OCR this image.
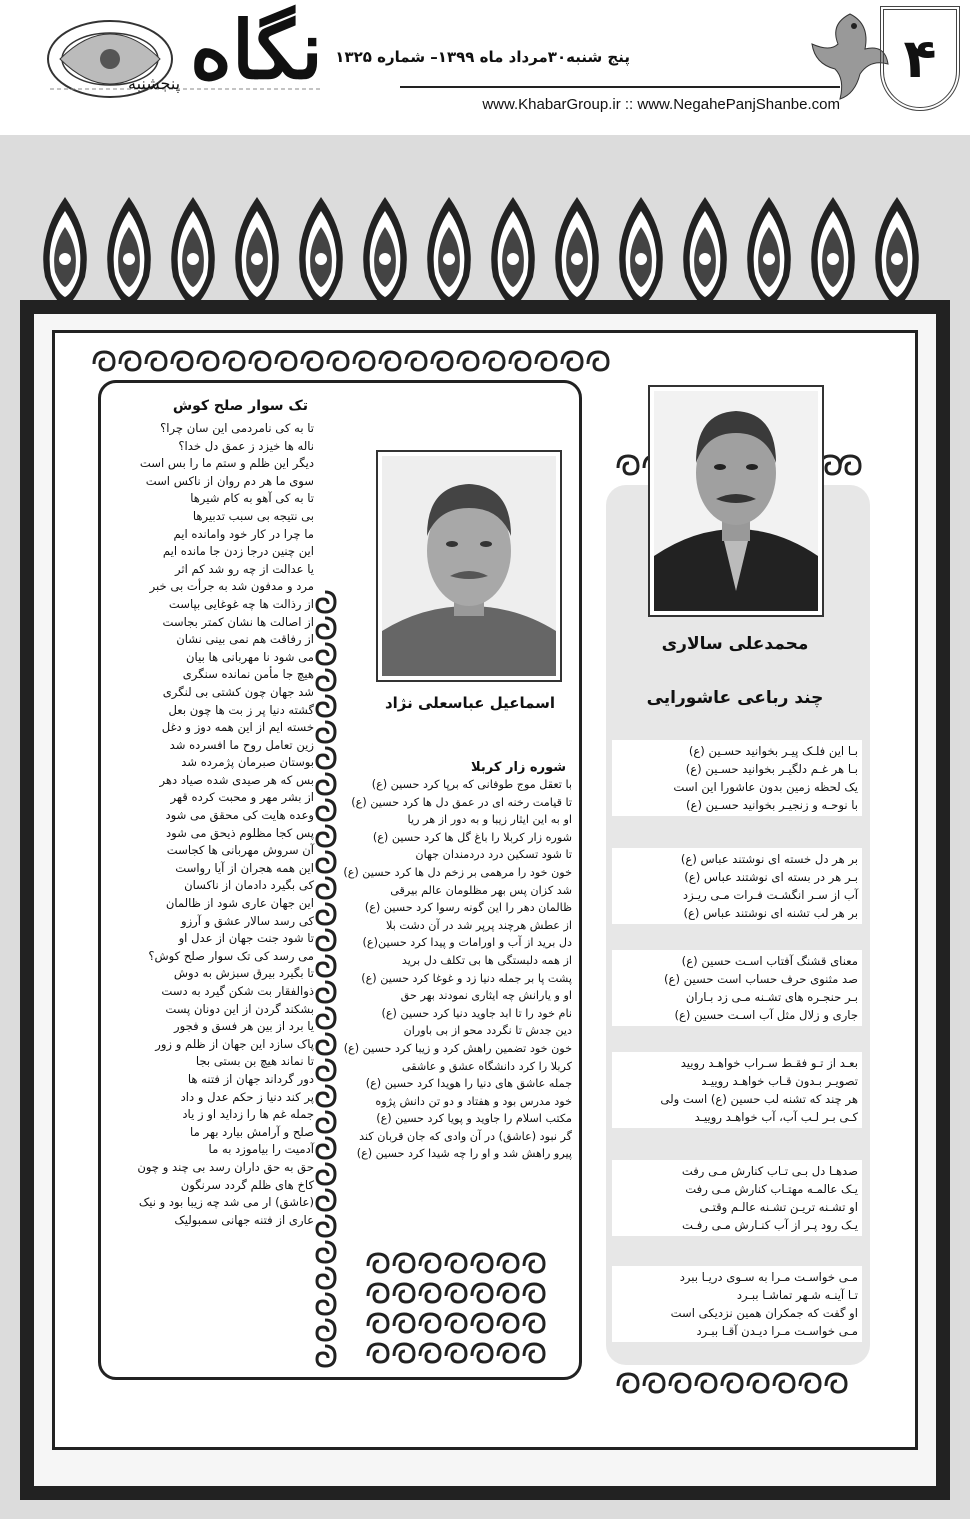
نگاه
پنجشنبه
پنج شنبه۳۰مرداد ماه ۱۳۹۹– شماره ۱۳۲۵
www.KhabarGroup.ir :: www.NegahePanjShanbe.com
۴
تک سوار صلح کوش
تا به کی نامردمی این سان چرا؟
ناله ها خیزد ز عمق دل خدا؟
دیگر این ظلم و ستم ما را بس است
سوی ما هر دم روان از ناکس است
تا به کی آهو به کام شیرها
بی نتیجه بی سبب تدبیرها
ما چرا در کار خود وامانده ایم
این چنین درجا زدن جا مانده ایم
یا عدالت از چه رو شد کم اثر
مرد و مدفون شد به جرأت بی خبر
از رذالت ها چه غوغایی بپاست
از اصالت ها نشان کمتر بجاست
از رفاقت هم نمی بینی نشان
می شود نا مهربانی ها بیان
هیچ جا مأمن نمانده سنگری
شد جهان چون کشتی بی لنگری
گشته دنیا پر ز بت ها چون بعل
خسته ایم از این همه دوز و دغل
زین تعامل روح ما افسرده شد
بوستان صبرمان پژمرده شد
بس که هر صیدی شده صیاد دهر
از بشر مهر و محبت کرده قهر
وعده هایت کی محقق می شود
پس کجا مظلوم ذیحق می شود
آن سروش مهربانی ها کجاست
این همه هجران از آیا رواست
کی بگیرد دادمان از ناکسان
این جهان عاری شود از ظالمان
کی رسد سالار عشق و آرزو
تا شود جنت جهان از عدل او
می رسد کی تک سوار صلح کوش؟
تا بگیرد بیرق سبزش به دوش
ذوالفقار بت شکن گیرد به دست
بشکند گردن از این دونان پست
یا برد از بین هر فسق و فجور
پاک سازد این جهان از ظلم و زور
تا نماند هیچ بن بستی بجا
دور گرداند جهان از فتنه ها
پر کند دنیا ز حکم عدل و داد
جمله غم ها را زداید او ز یاد
صلح و آرامش بیارد بهر ما
آدمیت را بیاموزد به ما
حق به حق داران رسد بی چند و چون
کاخ های ظلم گردد سرنگون
(عاشق) ار می شد چه زیبا بود و نیک
عاری از فتنه جهانی سمبولیک
اسماعیل عباسعلی نژاد
شوره زار کربلا
با تعقل موج طوفانی که برپا کرد حسین (ع)
تا قیامت رخنه ای در عمق دل ها کرد حسین (ع)
او به این ایثار زیبا و به دور از هر ریا
شوره زار کربلا را باغ گل ها کرد حسین (ع)
تا شود تسکین درد دردمندان جهان
خون خود را مرهمی بر زخم دل ها کرد حسین (ع)
شد کزان پس بهر مظلومان عالم بیرقی
ظالمان دهر را این گونه رسوا کرد حسین (ع)
از عطش هرچند پرپر شد در آن دشت بلا
دل برید از آب و اورامات و پیدا کرد حسین(ع)
از همه دلبستگی ها بی تکلف دل برید
پشت پا بر جمله دنیا زد و غوغا کرد حسین (ع)
او و یارانش چه ایثاری نمودند بهر حق
نام خود را تا ابد جاوید دنیا کرد حسین (ع)
دین جدش تا نگردد محو از بی باوران
خون خود تضمین راهش کرد و زیبا کرد حسین (ع)
کربلا را کرد دانشگاه عشق و عاشقی
جمله عاشق های دنیا را هویدا کرد حسین (ع)
خود مدرس بود و هفتاد و دو تن دانش پژوه
مکتب اسلام را جاوید و پویا کرد حسین (ع)
گر نبود (عاشق) در آن وادی که جان قربان کند
پیرو راهش شد و او را چه شیدا کرد حسین (ع)
محمدعلی سالاری
چند رباعی عاشورایی
بـا این فلـک پیـر بخوانید حسـین (ع)
بـا هر غـم دلگیـر بخوانید حسـین (ع)
یک لحظه زمین بدون عاشورا این است
با نوحـه و زنجیـر بخوانید حسـین (ع)
بر هر دل خسته ای نوشتند عباس (ع)
بـر هر در بسته ای نوشتند عباس (ع)
آب از سـر انگشـت فـرات مـی ریـزد
بر هر لب تشنه ای نوشتند عباس (ع)
معنای قشنگ آفتاب اسـت حسین (ع)
صد مثنوی حرف حساب است حسین (ع)
بـر حنجـره های تشـنه مـی زد بـاران
جاری و زلال مثل آب اسـت حسین (ع)
بعـد از تـو فقـط سـراب خواهـد رویید
تصویـر بـدون قـاب خواهـد روییـد
هر چند که تشنه لب حسین (ع) است ولی
کـی بـر لـب آب، آب خواهـد روییـد
صدهـا دل بـی تـاب کنارش مـی رفت
یـک عالمـه مهتـاب کنارش مـی رفت
او تشـنه تریـن تشـنه عالـم وقتـی
یـک رود پـر از آب کنـارش مـی رفـت
مـی خواسـت مـرا به سـوی دریـا ببرد
تـا آینـه شـهر تماشـا ببـرد
او گفت که جمکران همین نزدیکی است
مـی خواسـت مـرا دیـدن آقـا ببـرد
